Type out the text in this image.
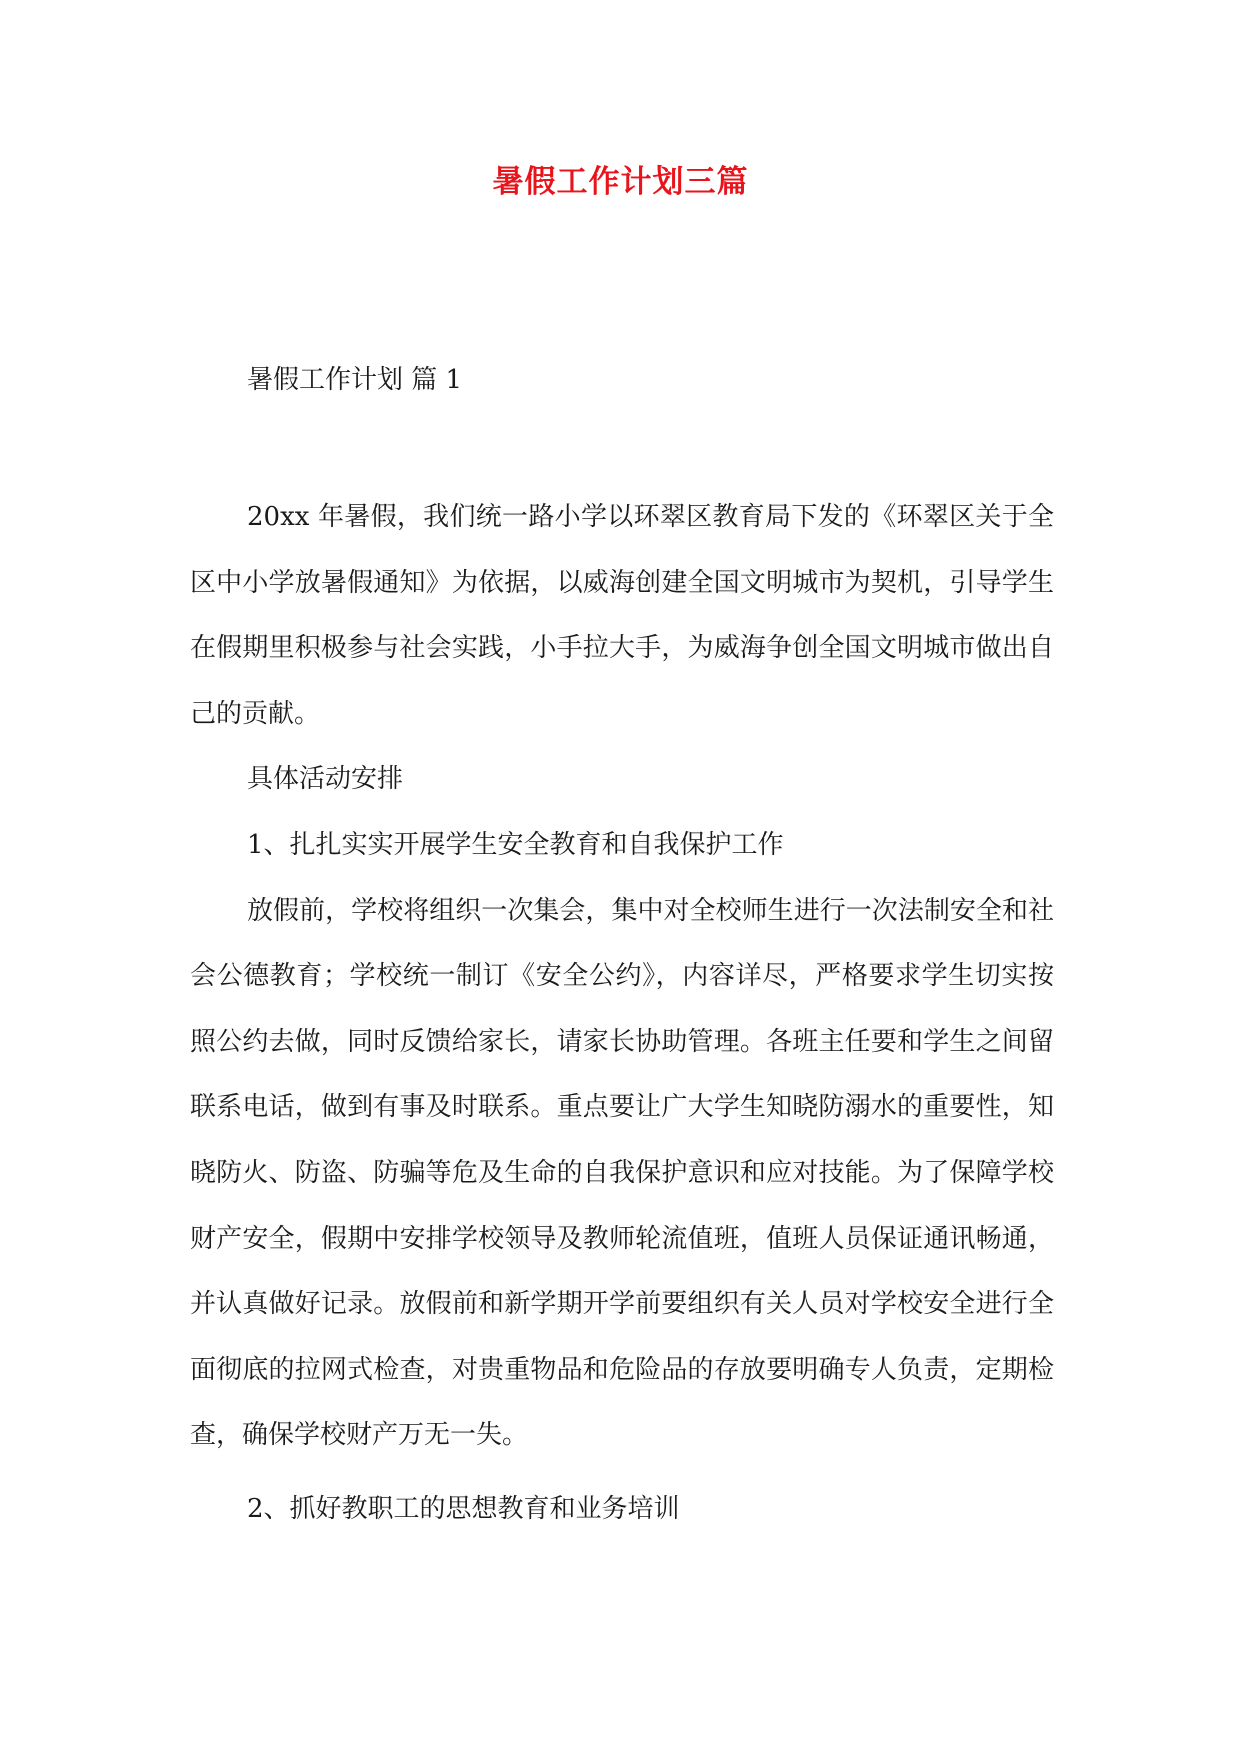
暑假工作计划三篇
暑假工作计划 篇 1

20xx 年暑假，我们统一路小学以环翠区教育局下发的《环翠区关于全区中小学放暑假通知》为依据，以威海创建全国文明城市为契机，引导学生在假期里积极参与社会实践，小手拉大手，为威海争创全国文明城市做出自己的贡献。

具体活动安排

1、扎扎实实开展学生安全教育和自我保护工作

放假前，学校将组织一次集会，集中对全校师生进行一次法制安全和社会公德教育；学校统一制订《安全公约》，内容详尽，严格要求学生切实按照公约去做，同时反馈给家长，请家长协助管理。各班主任要和学生之间留联系电话，做到有事及时联系。重点要让广大学生知晓防溺水的重要性，知晓防火、防盗、防骗等危及生命的自我保护意识和应对技能。为了保障学校财产安全，假期中安排学校领导及教师轮流值班，值班人员保证通讯畅通，并认真做好记录。放假前和新学期开学前要组织有关人员对学校安全进行全面彻底的拉网式检查，对贵重物品和危险品的存放要明确专人负责，定期检查，确保学校财产万无一失。

2、抓好教职工的思想教育和业务培训
